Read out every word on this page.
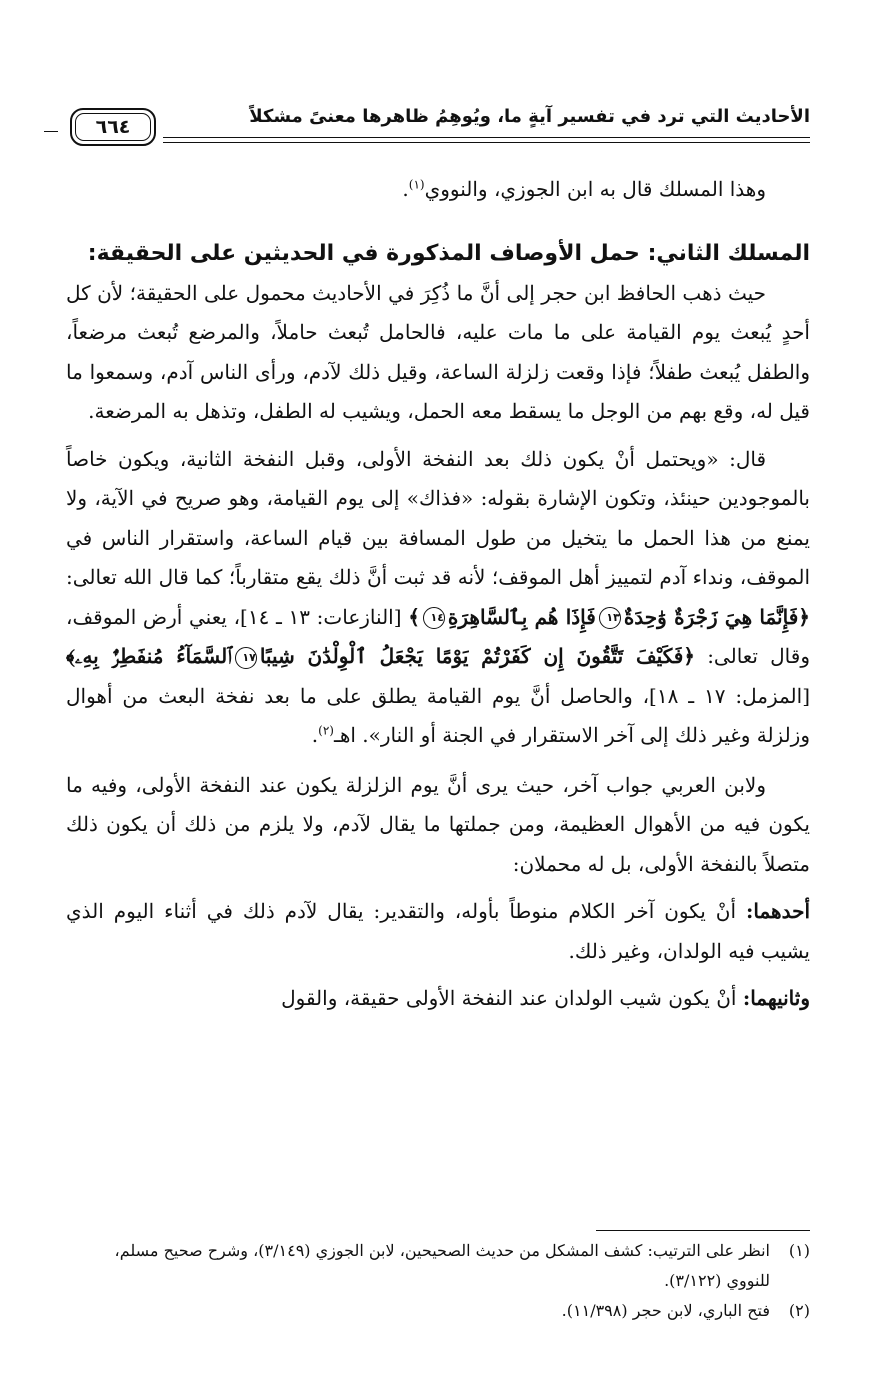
الأحاديث التي ترد في تفسير آيةٍ ما، ويُوهِمُ ظاهرها معنىً مشكلاً
٦٦٤

وهذا المسلك قال به ابن الجوزي، والنووي$^{(١)}$.

المسلك الثاني: حمل الأوصاف المذكورة في الحديثين على الحقيقة:

حيث ذهب الحافظ ابن حجر إلى أنَّ ما ذُكِرَ في الأحاديث محمول على الحقيقة؛ لأن كل أحدٍ يُبعث يوم القيامة على ما مات عليه، فالحامل تُبعث حاملاً، والمرضع تُبعث مرضعاً، والطفل يُبعث طفلاً؛ فإذا وقعت زلزلة الساعة، وقيل ذلك لآدم، ورأى الناس آدم، وسمعوا ما قيل له، وقع بهم من الوجل ما يسقط معه الحمل، ويشيب له الطفل، وتذهل به المرضعة.

قال: «ويحتمل أنْ يكون ذلك بعد النفخة الأولى، وقبل النفخة الثانية، ويكون خاصاً بالموجودين حينئذ، وتكون الإشارة بقوله: «فذاك» إلى يوم القيامة، وهو صريح في الآية، ولا يمنع من هذا الحمل ما يتخيل من طول المسافة بين قيام الساعة، واستقرار الناس في الموقف، ونداء آدم لتمييز أهل الموقف؛ لأنه قد ثبت أنَّ ذلك يقع متقارباً؛ كما قال الله تعالى: ﴿فَإِنَّمَا هِيَ زَجْرَةٌ وَٰحِدَةٌ١٣فَإِذَا هُم بِٱلسَّاهِرَةِ١٤﴾ [النازعات: ١٣ ـ ١٤]، يعني أرض الموقف، وقال تعالى: ﴿فَكَيْفَ تَتَّقُونَ إِن كَفَرْتُمْ يَوْمًا يَجْعَلُ ٱلْوِلْدَٰنَ شِيبًا١٧ٱلسَّمَآءُ مُنفَطِرٌۢ بِهِۦ﴾ [المزمل: ١٧ ـ ١٨]، والحاصل أنَّ يوم القيامة يطلق على ما بعد نفخة البعث من أهوال وزلزلة وغير ذلك إلى آخر الاستقرار في الجنة أو النار». اهـ$^{(٢)}$.

ولابن العربي جواب آخر، حيث يرى أنَّ يوم الزلزلة يكون عند النفخة الأولى، وفيه ما يكون فيه من الأهوال العظيمة، ومن جملتها ما يقال لآدم، ولا يلزم من ذلك أن يكون ذلك متصلاً بالنفخة الأولى، بل له محملان:

أحدهما: أنْ يكون آخر الكلام منوطاً بأوله، والتقدير: يقال لآدم ذلك في أثناء اليوم الذي يشيب فيه الولدان، وغير ذلك.

وثانيهما: أنْ يكون شيب الولدان عند النفخة الأولى حقيقة، والقول

(١)
انظر على الترتيب: كشف المشكل من حديث الصحيحين، لابن الجوزي (٣/١٤٩)، وشرح صحيح مسلم، للنووي (٣/١٢٢).

(٢)
فتح الباري، لابن حجر (١١/٣٩٨).
